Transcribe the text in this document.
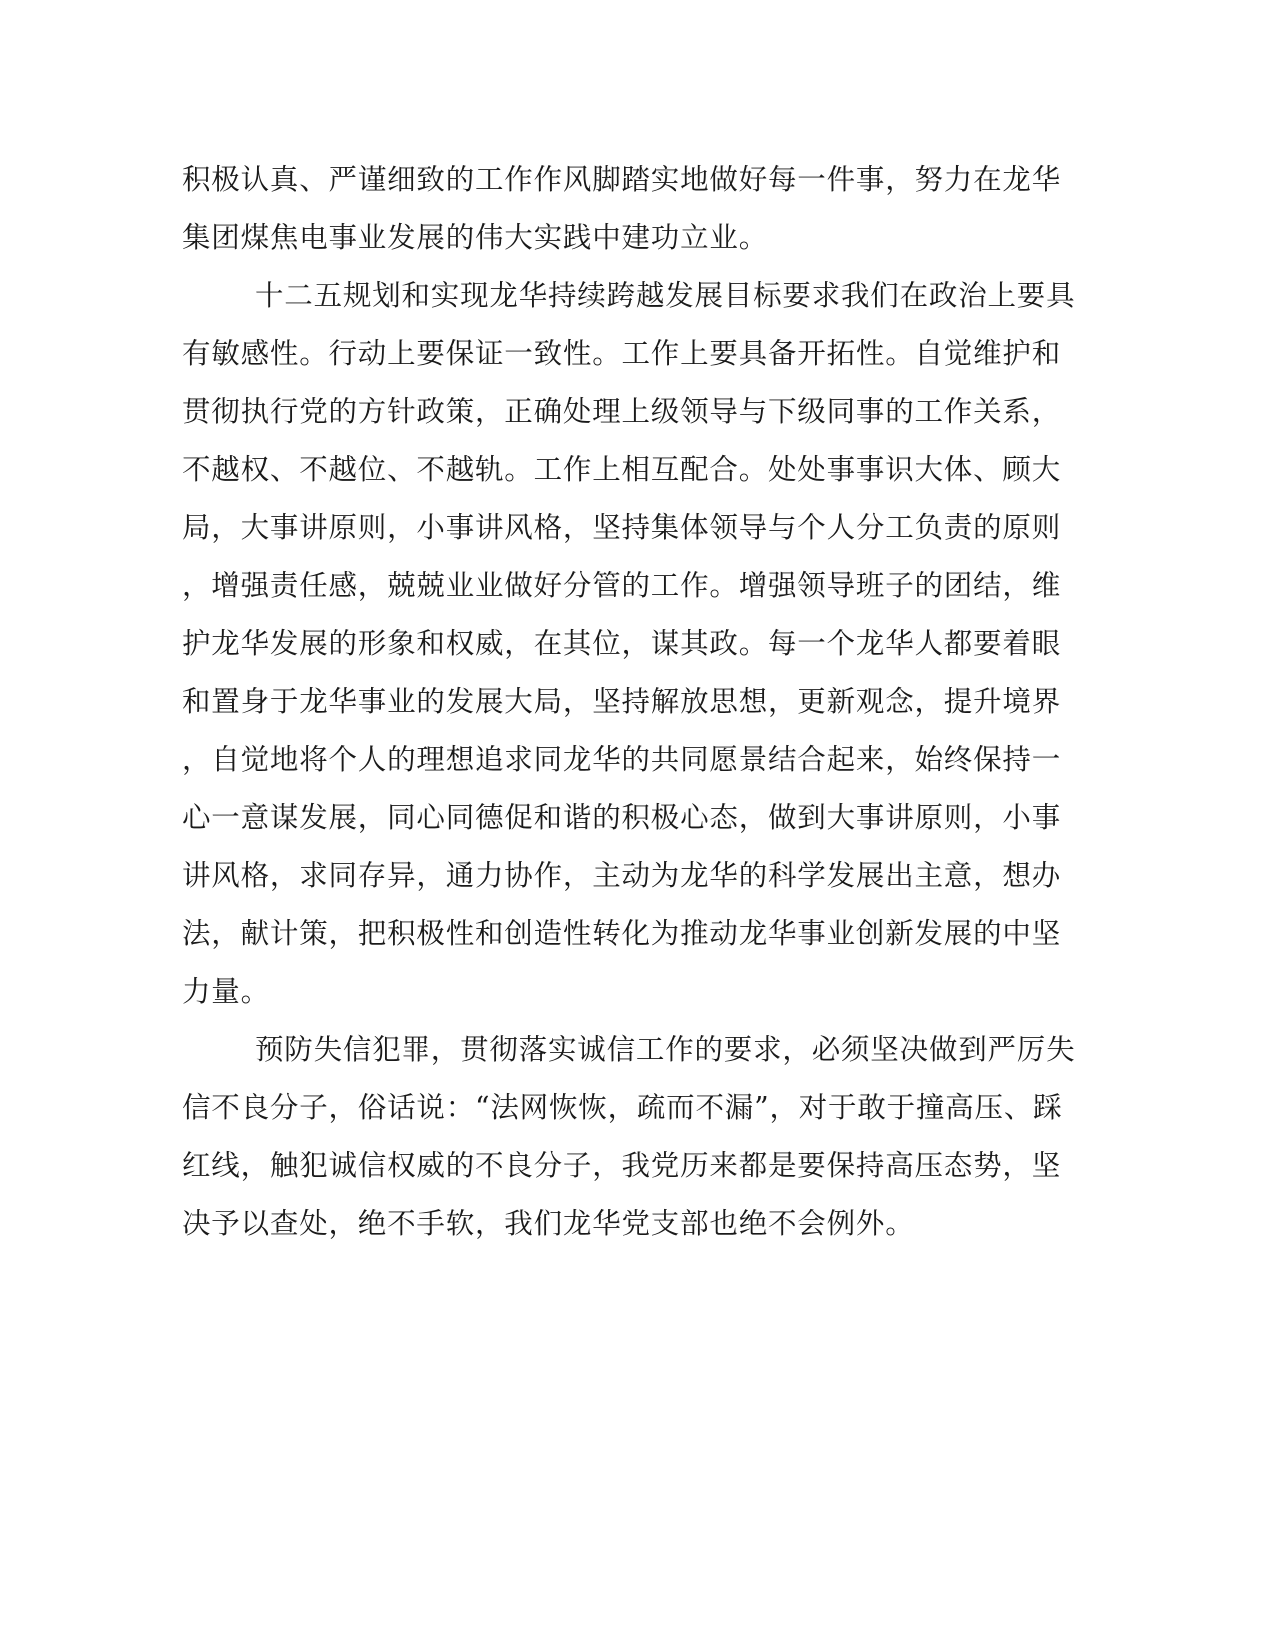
积极认真、严谨细致的工作作风脚踏实地做好每一件事，努力在龙华
集团煤焦电事业发展的伟大实践中建功立业。
十二五规划和实现龙华持续跨越发展目标要求我们在政治上要具
有敏感性。行动上要保证一致性。工作上要具备开拓性。自觉维护和
贯彻执行党的方针政策，正确处理上级领导与下级同事的工作关系，
不越权、不越位、不越轨。工作上相互配合。处处事事识大体、顾大
局，大事讲原则，小事讲风格，坚持集体领导与个人分工负责的原则
，增强责任感，兢兢业业做好分管的工作。增强领导班子的团结，维
护龙华发展的形象和权威，在其位，谋其政。每一个龙华人都要着眼
和置身于龙华事业的发展大局，坚持解放思想，更新观念，提升境界
，自觉地将个人的理想追求同龙华的共同愿景结合起来，始终保持一
心一意谋发展，同心同德促和谐的积极心态，做到大事讲原则，小事
讲风格，求同存异，通力协作，主动为龙华的科学发展出主意，想办
法，献计策，把积极性和创造性转化为推动龙华事业创新发展的中坚
力量。
预防失信犯罪，贯彻落实诚信工作的要求，必须坚决做到严厉失
信不良分子，俗话说：“法网恢恢，疏而不漏”，对于敢于撞高压、踩
红线，触犯诚信权威的不良分子，我党历来都是要保持高压态势，坚
决予以查处，绝不手软，我们龙华党支部也绝不会例外。
